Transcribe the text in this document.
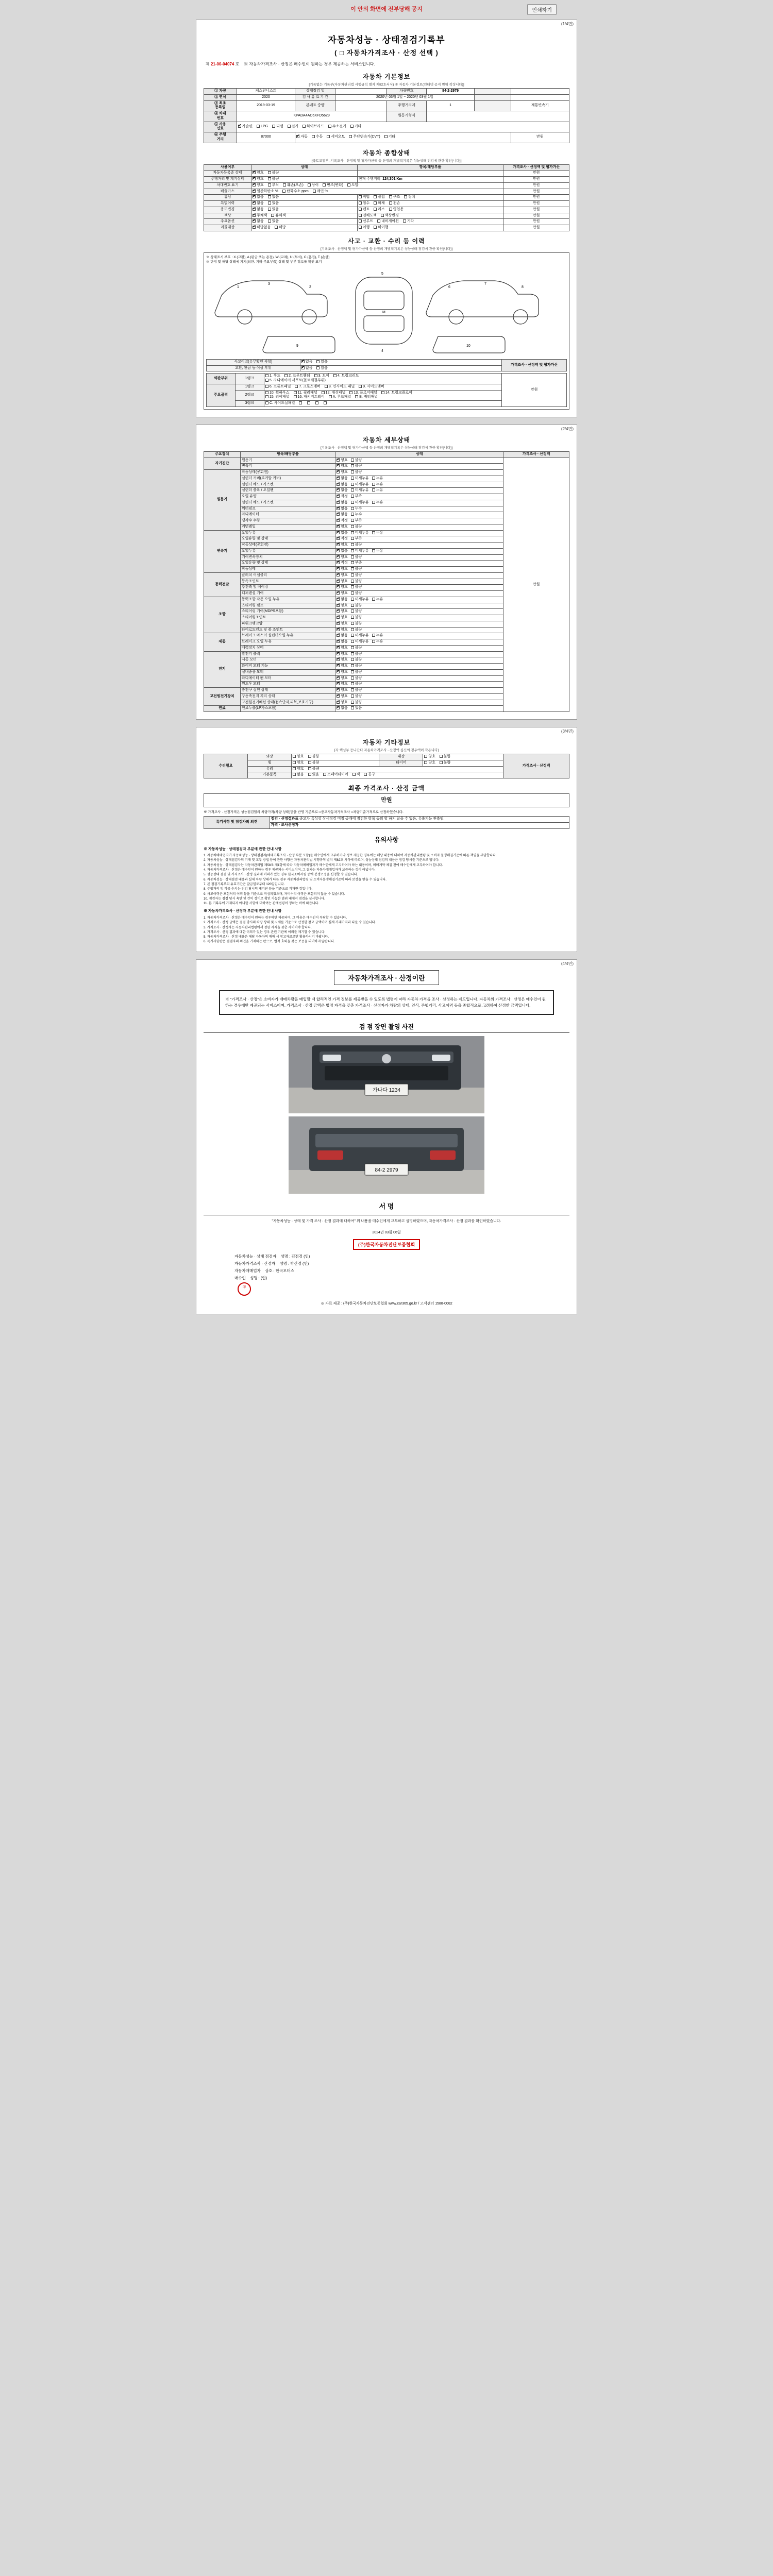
이 안의 화면에 전부당해 공지	인쇄하기
(1/4면)
자동차성능 · 상태점검기록부
( □ 자동차가격조사 · 산정 선택 )
제 21-00-04074 호 ※ 자동차가격조사 · 산정은 매수인이 원하는 경우 제공하는 서비스입니다.
자동차 기본정보
[기록없는 기록부(자동차관리법 시행규칙 별지 제82호서식) 중 자동차 기본정보(인터넷 공지 범위 작성니다)]
① 차량	케스완니스트	상태정검 일		차량번호	84-2-2979		
② 연식	2020	검 사 유 효 기 간	2020년 03월 1일 ~ 2020년 03월 1일				
③ 최초
등록일	2019-03-19	본네트 중량		주행거리계	1		계통변속기
④ 차대
번호	KPADA4AC6XFD5629			원동기형식			
⑤ 사용
연료	✔가솔린 LPG 디젤 전기 하이브리드 수소전기 기타
⑥ 주행
거리	87000	✔자동 수동 세미오토 무단변속기(CVT) 기타					만원
자동차 종합상태
[국토교통부, 기록조사 · 산정액 및 평가가산액 등 산정의 개별적기록은 성능상태 점검에 관한 확인(니다)]
사용여부	상태	항목/해당부품	가격조사 · 산정액 및 평가가산
자동차등록증 상태	✔양호 불량		만원
주행거리 및 계기상태	✔양호 불량	현재 주행거리 124,301 Km	만원
차대번호 표기	✔양호 부식 훼손(오손) 상이 변조(변타) 도말		만원
배출가스	✔일산화탄소 % 탄화수소 ppm 매연 %		만원
튜닝	✔없음 있음	적법 불법 구조 장치	만원
특별이력	✔없음 있음	침수 화재 전손	만원
용도변경	✔없음 있음	렌트 리스 영업용	만원
색상	✔무채색 유채색	전체도색 색상변경	만원
주요옵션	✔없음 있음	선루프 내비게이션 기타	만원
리콜대상	✔해당없음 해당	이행 미이행	만원
사고 · 교환 · 수리 등 이력
[기록조사 · 산정액 및 평가가산액 등 산정의 개별적기록은 성능상태 점검에 관한 확인(니다)]
※ 상태표시 부호 : X (교환), A (판금 또는 용접), W (교체), U (부식), C (흠집), T (손상)
※ 판정 및 해당 상태에 기기(외판, 기타 주요부품) 상태 및 부분 정보를 확인 표기
1
3
2
5
M
4
6
7
8
9	10
사고이력(유무확인 사항)	✔없음 있음	가격조사 · 산정액 및 평가가산
교환, 판금 등 이상 부위	✔없음 있음
외판부위	1랭크	1. 후드 2. 프론트휀더 3. 도어 4. 트렁크리드
5. 라디에이터 서포트(볼트체결부위)	만원
주요골격	1랭크	6. 프론트패널 7. 크로스멤버 8. 인사이드 패널 9. 사이드멤버	
	2랭크	10. 휠하우스 11. 필러패널 12. 대쉬패널 13. 플로어패널 14. 트렁크플로어
15. 리어패널 16. 패키지트레이 A. 루프패널 B. 쿼터패널	
	3랭크	C. 사이드실패널	
(2/4면)
자동차 세부상태
[기록조사 · 산정액 및 평가가산액 등 산정의 개별적기록은 성능상태 점검에 관한 확인(니다)]
주요장치	항목/해당부품	상태	가격조사 · 산정액
자기진단	원동기	✔양호 불량	만원
	변속기	✔양호 불량
원동기	작동상태(공회전)	✔양호 불량
	실린더 커버(로커암 커버)	✔없음 미세누유 누유
	실린더 헤드 / 가스켓	✔없음 미세누유 누유
	실린더 블록 / 오일팬	✔없음 미세누유 누유
	오일 유량	✔적정 부족
	실린더 헤드 / 가스켓	✔없음 미세누유 누유
	워터펌프	✔없음 누수
	라디에이터	✔없음 누수
	냉각수 수량	✔적정 부족
	커먼레일	✔양호 불량
변속기	오일누유	✔없음 미세누유 누유
	오일유량 및 상태	✔적정 부족
	작동상태(공회전)	✔양호 불량
	오일누유	✔없음 미세누유 누유
	기어변속장치	✔양호 불량
	오일유량 및 상태	✔적정 부족
	작동상태	✔양호 불량
동력전달	클러치 어셈블리	✔양호 불량
	등속조인트	✔양호 불량
	추진축 및 베어링	✔양호 불량
	디퍼렌셜 기어	✔양호 불량
조향	동력조향 작동 오일 누유	✔없음 미세누유 누유
	스티어링 펌프	✔양호 불량
	스티어링 기어(MDPS포함)	✔양호 불량
	스티어링조인트	✔양호 불량
	파워크랭크암	✔양호 불량
	타이로드엔드 및 볼 조인트	✔양호 불량
제동	브레이크 마스터 실린더오일 누유	✔없음 미세누유 누유
	브레이크 오일 누유	✔없음 미세누유 누유
	배력장치 상태	✔양호 불량
전기	발전기 출력	✔양호 불량
	시동 모터	✔양호 불량
	와이퍼 모터 기능	✔양호 불량
	실내송풍 모터	✔양호 불량
	라디에이터 팬 모터	✔양호 불량
	윈도우 모터	✔양호 불량
고전원전기장치	충전구 절연 상태	✔양호 불량
	구동축전지 격리 상태	✔양호 불량
	고전원전기배선 상태(접속단자,피복,보호기구)	✔양호 불량
연료	연료누출(LP가스포함)	✔없음 있음
(3/4면)
자동차 기타정보
[자 핵심부 등나간다 자동차가격조사 · 산정액 심신의 경우액이 작용니다]
수리필요	외장	양호 불량	내장	양호 불량	가격조사 · 산정액
	휠	양호 불량	타이어	양호 불량	
	유리	양호 불량			
	기본품목	없음 있음 스페어타이어 잭 공구			
최종 가격조사 · 산정 금액
만원
※ 가격조사 · 산정가격은 성능점검일의 차량가격(차량 상태)만을 반영 기준으로 □중고자동차가격조사 □차량기준가격으로 산정하였습니다.
특기사항 및 점검자의 의견	점검 · 산정결과표 중고차 특성상 상세정검 미점 공개에 점검한 항목 등의 할 하지 않을 수 있음. 유출기능 관측임.
가격 · 조사산정자
유의사항
※ 자동차성능 · 상태점검자 부분에 관한 안내 사항
1. 자동차매매업자가 자동차성능 · 상태점검자(매매기록조사 · 산정 부분 포함)를 매수인에게 교부하거나 정보 제공한 경우에는 해당 내용에 대하여 자동차관리법령 및 소비자 분쟁해결기준에 따른 책임을 부담합니다.
2. 자동차성능 · 상태점검자의 기재 및 교부 방법 등에 관한 사항은 자동차관리법 시행규칙 별지 제82호 서식에 따르며, 성능상태 점검의 내용은 점검 당시를 기준으로 합니다.
3. 자동차성능 · 상태점검자는 자동차관리법 제58조 제1항에 따라 자동차매매업자가 매수인에게 고지하여야 하는 내용이며, 매매계약 체결 전에 매수인에게 교부하여야 합니다.
4. 자동차가격조사 · 산정은 매수인이 원하는 경우 제공되는 서비스이며, 그 결과는 자동차매매업자가 보증하는 것이 아닙니다.
5. 성능상태 점검 및 가격조사 · 산정 결과에 이의가 있는 경우 한국소비자원 등에 분쟁조정을 신청할 수 있습니다.
6. 자동차성능 · 상태점검 내용과 실제 차량 상태가 다른 경우 자동차관리법령 및 소비자분쟁해결기준에 따라 보상을 받을 수 있습니다.
7. 본 점검기록부의 유효기간은 발급일로부터 120일입니다.
8. 주행거리 및 각종 수치는 점검 당시의 계기판 등을 기준으로 기재한 것입니다.
9. 사고이력은 보험처리 이력 등을 기준으로 작성되었으며, 자비수리 이력은 포함되지 않을 수 있습니다.
10. 점검자는 점검 당시 육안 및 간이 장비로 확인 가능한 범위 내에서 점검을 실시합니다.
11. 본 기록부에 기재되지 아니한 사항에 대하여는 관계법령이 정하는 바에 따릅니다.
※ 자동차가격조사 · 산정자 부분에 관한 안내 사항
1. 자동차가격조사 · 산정은 매수인이 원하는 경우에만 제공되며, 그 비용은 매수인이 부담할 수 있습니다.
2. 가격조사 · 산정 금액은 점검 당시의 차량 상태 및 시세를 기준으로 산정한 참고 금액이며 실제 거래가격과 다를 수 있습니다.
3. 가격조사 · 산정자는 자동차관리법령에서 정한 자격을 갖춘 자이어야 합니다.
4. 가격조사 · 산정 결과에 대한 이의가 있는 경우 관련 기관에 이의를 제기할 수 있습니다.
5. 자동차가격조사 · 산정 내용은 해당 자동차의 매매 시 참고자료로만 활용하시기 바랍니다.
6. 특기사항란은 점검자의 의견을 기재하는 란으로, 법적 효력을 갖는 보증을 의미하지 않습니다.
(4/4면)
자동차가격조사 · 산정이란
※ "가격조사 · 산정"은 소비자가 매매차량을 매입할 때 합리적인 가격 정보를 제공받을 수 있도록 법령에 따라 자동차 가격을 조사 · 산정하는 제도입니다. 자동차의 가격조사 · 산정은 매수인이 원하는 경우에만 제공되는 서비스이며, 가격조사 · 산정 금액은 법정 자격을 갖춘 가격조사 · 산정자가 차량의 상태, 연식, 주행거리, 사고이력 등을 종합적으로 고려하여 산정한 금액입니다.
검 점 장면 촬영 사진
가나다 1234
84-2 2979
서 명
"자동차성능 · 상태 및 가격 조사 · 산정 결과에 대하여" 위 내용을 매수인에게 교부하고 설명하였으며, 자동차가격조사 · 산정 결과를 확인하였습니다.
2024년 03월 06일
(주)한국자동차진단보증협회
자동차성능 · 상태 점검자 성명 : 김점검 (인)
자동차가격조사 · 산정자 성명 : 박산정 (인)
자동차매매업자 상호 : 한국모터스
매수인 성명 : (인)
印
※ 자료 제공 : (주)한국자동차진단보증협회 www.car365.go.kr / 고객센터 1588-0082
